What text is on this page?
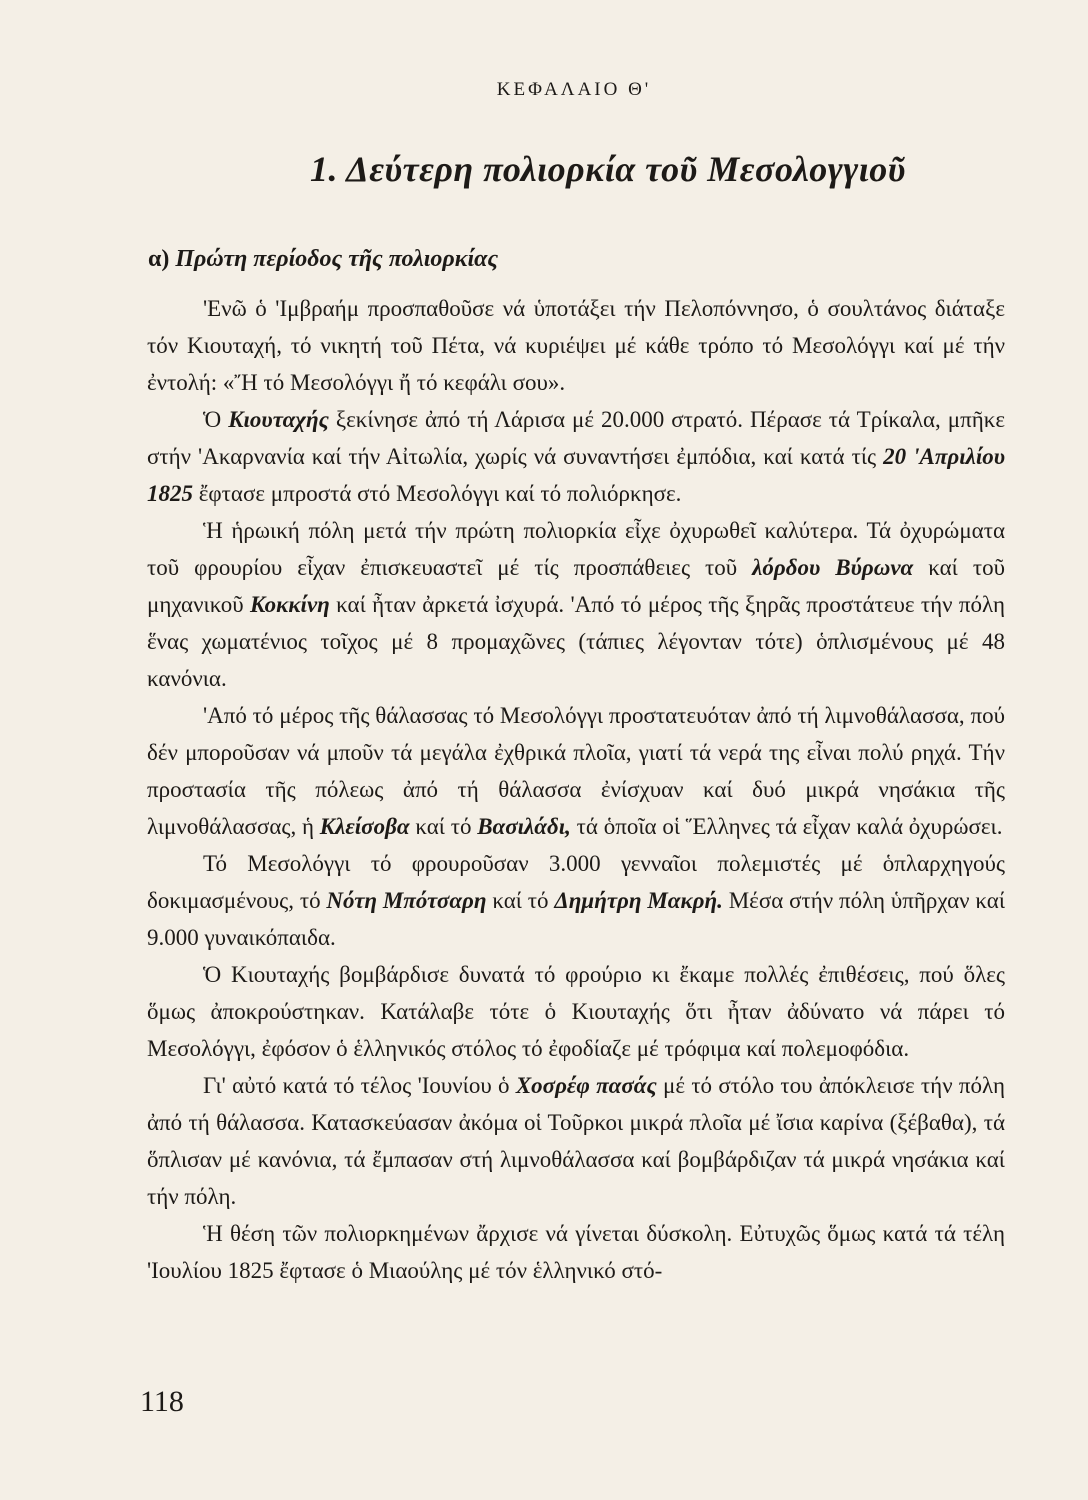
ΚΕΦΑΛΑΙΟ Θ'
1. Δεύτερη πολιορκία τοῦ Μεσολογγιοῦ
α) Πρώτη περίοδος τῆς πολιορκίας

'Ενῶ ὁ 'Ιμβραήμ προσπαθοῦσε νά ὑποτάξει τήν Πελοπόννησο, ὁ σουλτάνος διάταξε τόν Κιουταχή, τό νικητή τοῦ Πέτα, νά κυριέψει μέ κάθε τρόπο τό Μεσολόγγι καί μέ τήν ἐντολή: «Ἤ τό Μεσολόγγι ἤ τό κεφάλι σου».

Ὁ Κιουταχής ξεκίνησε ἀπό τή Λάρισα μέ 20.000 στρατό. Πέρασε τά Τρίκαλα, μπῆκε στήν 'Ακαρνανία καί τήν Αἰτωλία, χωρίς νά συναντήσει ἐμπόδια, καί κατά τίς 20 'Απριλίου 1825 ἔφτασε μπροστά στό Μεσολόγγι καί τό πολιόρκησε.

Ἡ ἡρωική πόλη μετά τήν πρώτη πολιορκία εἶχε ὀχυρωθεῖ καλύτερα. Τά ὀχυρώματα τοῦ φρουρίου εἶχαν ἐπισκευαστεῖ μέ τίς προσπάθειες τοῦ λόρδου Βύρωνα καί τοῦ μηχανικοῦ Κοκκίνη καί ἦταν ἀρκετά ἰσχυρά. 'Από τό μέρος τῆς ξηρᾶς προστάτευε τήν πόλη ἕνας χωματένιος τοῖχος μέ 8 προμαχῶνες (τάπιες λέγονταν τότε) ὁπλισμένους μέ 48 κανόνια.

'Από τό μέρος τῆς θάλασσας τό Μεσολόγγι προστατευόταν ἀπό τή λιμνοθάλασσα, πού δέν μποροῦσαν νά μποῦν τά μεγάλα ἐχθρικά πλοῖα, γιατί τά νερά της εἶναι πολύ ρηχά. Τήν προστασία τῆς πόλεως ἀπό τή θάλασσα ἐνίσχυαν καί δυό μικρά νησάκια τῆς λιμνοθάλασσας, ἡ Κλείσοβα καί τό Βασιλάδι, τά ὁποῖα οἱ Ἕλληνες τά εἶχαν καλά ὀχυρώσει.

Τό Μεσολόγγι τό φρουροῦσαν 3.000 γενναῖοι πολεμιστές μέ ὁπλαρχηγούς δοκιμασμένους, τό Νότη Μπότσαρη καί τό Δημήτρη Μακρή. Μέσα στήν πόλη ὑπῆρχαν καί 9.000 γυναικόπαιδα.

Ὁ Κιουταχής βομβάρδισε δυνατά τό φρούριο κι ἔκαμε πολλές ἐπιθέσεις, πού ὅλες ὅμως ἀποκρούστηκαν. Κατάλαβε τότε ὁ Κιουταχής ὅτι ἦταν ἀδύνατο νά πάρει τό Μεσολόγγι, ἐφόσον ὁ ἑλληνικός στόλος τό ἐφοδίαζε μέ τρόφιμα καί πολεμοφόδια.

Γι' αὐτό κατά τό τέλος 'Ιουνίου ὁ Χοσρέφ πασάς μέ τό στόλο του ἀπόκλεισε τήν πόλη ἀπό τή θάλασσα. Κατασκεύασαν ἀκόμα οἱ Τοῦρκοι μικρά πλοῖα μέ ἴσια καρίνα (ξέβαθα), τά ὅπλισαν μέ κανόνια, τά ἔμπασαν στή λιμνοθάλασσα καί βομβάρδιζαν τά μικρά νησάκια καί τήν πόλη.

Ἡ θέση τῶν πολιορκημένων ἄρχισε νά γίνεται δύσκολη. Εὐτυχῶς ὅμως κατά τά τέλη 'Ιουλίου 1825 ἔφτασε ὁ Μιαούλης μέ τόν ἑλληνικό στό-

118
